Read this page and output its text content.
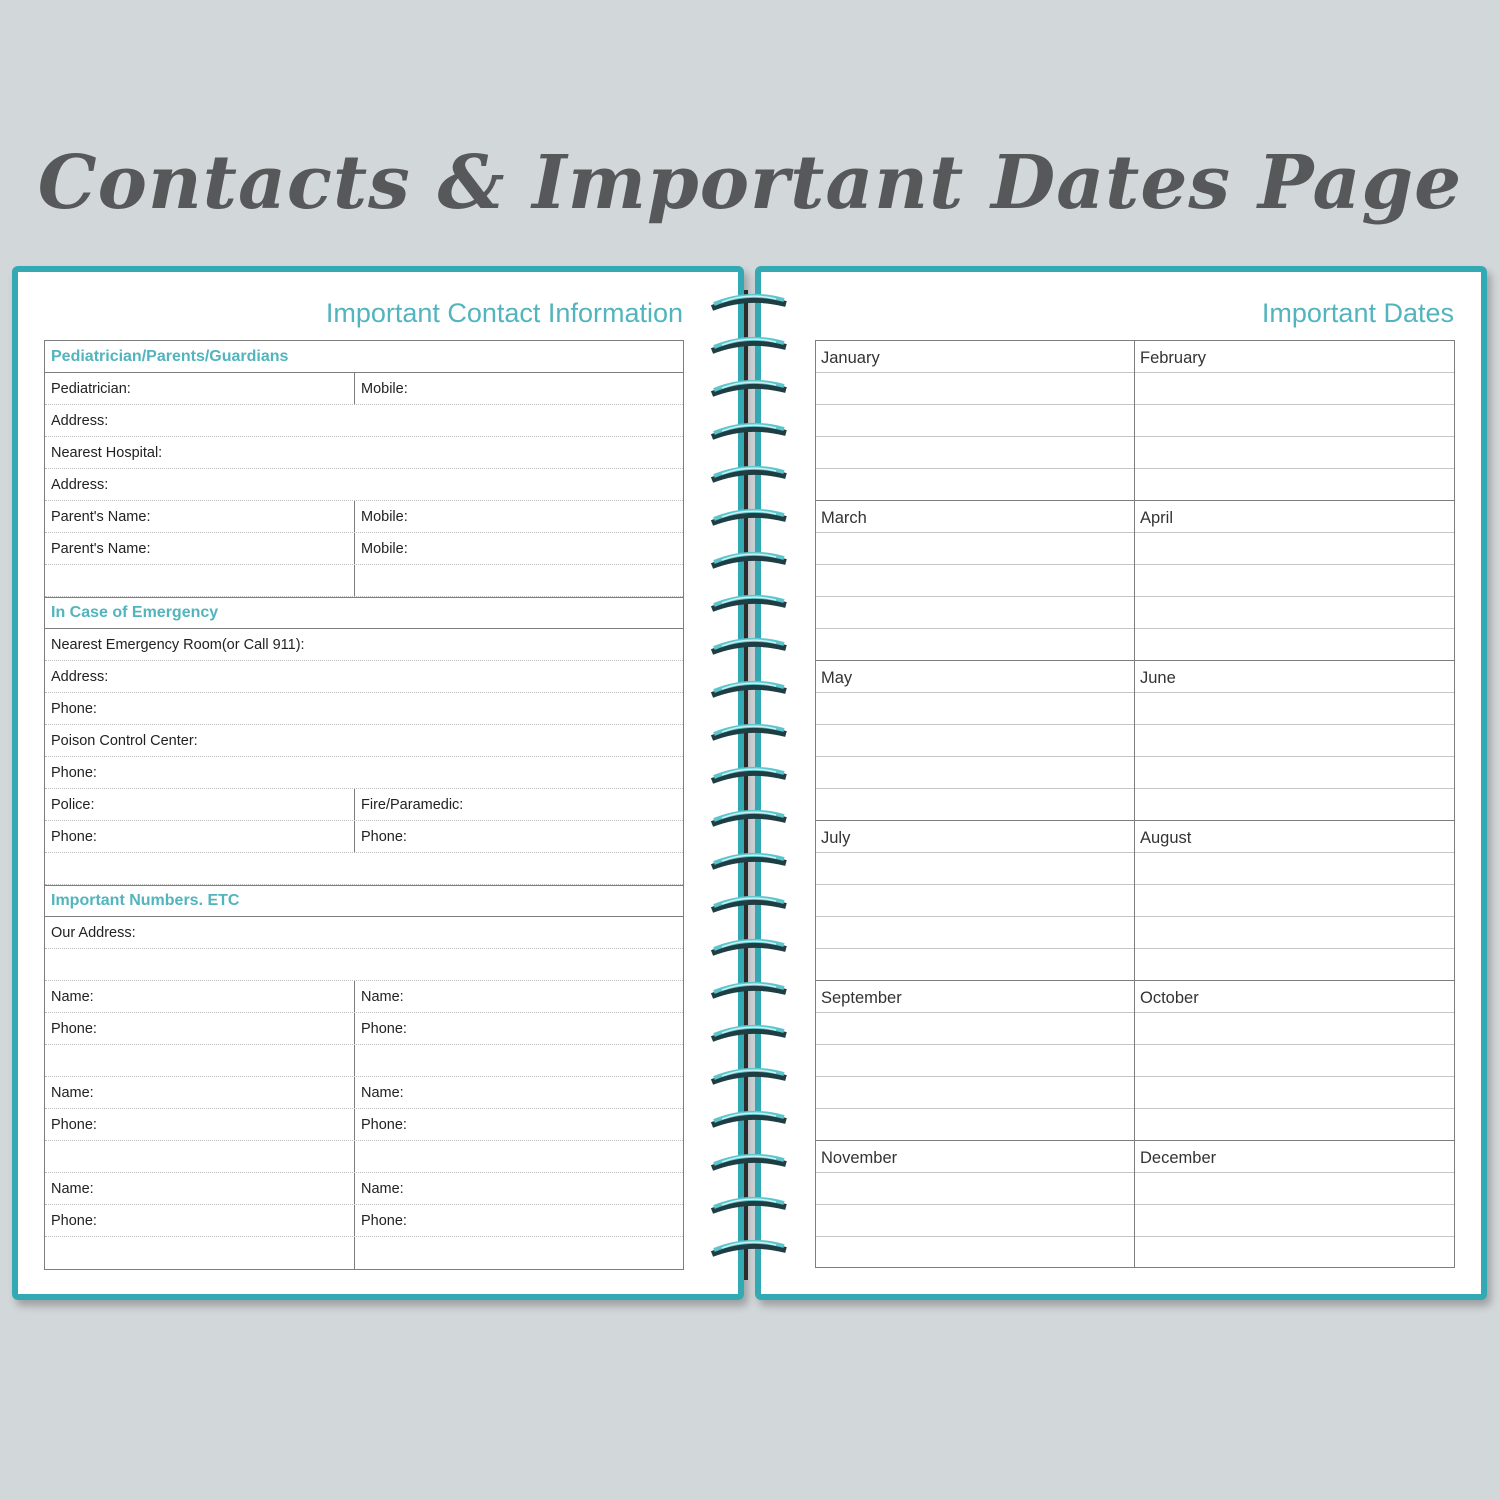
Contacts & Important Dates Page
Important Contact Information
Pediatrician/Parents/Guardians
Pediatrician:	Mobile:
Address:
Nearest Hospital:
Address:
Parent's Name:	Mobile:
Parent's Name:	Mobile:
In Case of Emergency
Nearest Emergency Room(or Call 911):
Address:
Phone:
Poison Control Center:
Phone:
Police:	Fire/Paramedic:
Phone:	Phone:
Important Numbers. ETC
Our Address:
Name:	Name:
Phone:	Phone:
Name:	Name:
Phone:	Phone:
Name:	Name:
Phone:	Phone:
Important Dates
January	February
March	April
May	June
July	August
September	October
November	December
